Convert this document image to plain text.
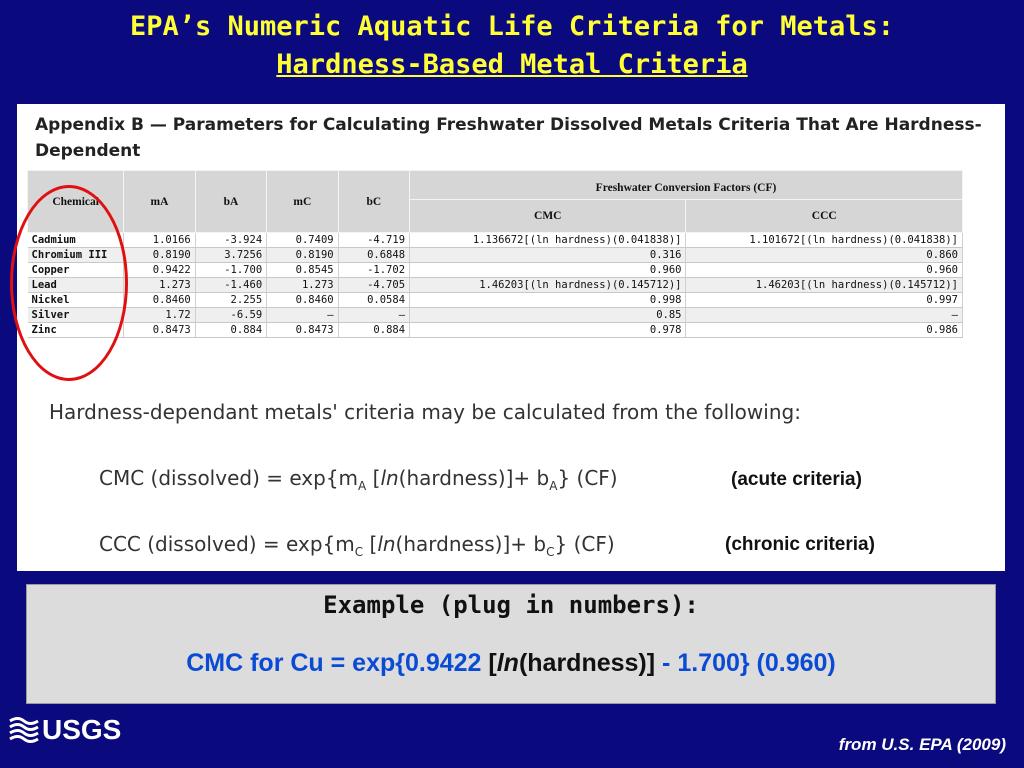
EPA’s Numeric Aquatic Life Criteria for Metals:
Hardness-Based Metal Criteria
Appendix B — Parameters for Calculating Freshwater Dissolved Metals Criteria That Are Hardness-Dependent
Chemical	mA	bA	mC	bC	Freshwater Conversion Factors (CF)	
					CMC	CCC
Cadmium	1.0166	-3.924	0.7409	-4.719	1.136672[(ln hardness)(0.041838)]	1.101672[(ln hardness)(0.041838)]
Chromium III	0.8190	3.7256	0.8190	0.6848	0.316	0.860
Copper	0.9422	-1.700	0.8545	-1.702	0.960	0.960
Lead	1.273	-1.460	1.273	-4.705	1.46203[(ln hardness)(0.145712)]	1.46203[(ln hardness)(0.145712)]
Nickel	0.8460	2.255	0.8460	0.0584	0.998	0.997
Silver	1.72	-6.59	—	—	0.85	—
Zinc	0.8473	0.884	0.8473	0.884	0.978	0.986
Hardness-dependant metals' criteria may be calculated from the following:
CMC (dissolved) = $\exp\{m_A$ [ln(hardness)]+ $b_A$} (CF)	(acute criteria)
CCC (dissolved) = $\exp\{m_C$ [ln(hardness)]+ $b_C$} (CF)	(chronic criteria)
Example (plug in numbers):
CMC for Cu = exp{0.9422 [ln(hardness)] - 1.700} (0.960)
USGS	from U.S. EPA (2009)
